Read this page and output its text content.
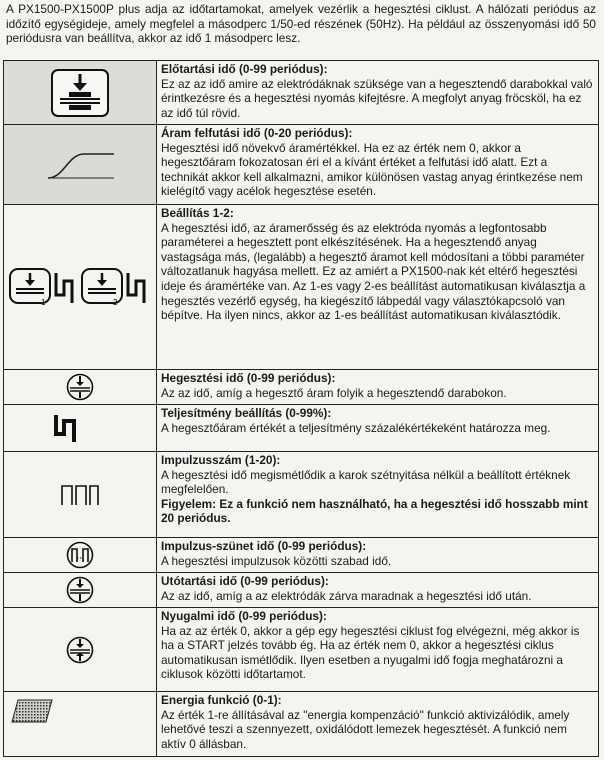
A PX1500-PX1500P plus adja az időtartamokat, amelyek vezérlik a hegesztési ciklust. A hálózati periódus az időzítő egységideje, amely megfelel a másodperc 1/50-ed részének (50Hz). Ha például az összenyomási idő 50 periódusra van beállítva, akkor az idő 1 másodperc lesz.

Előtartási idő (0-99 periódus):
Ez az az idő amire az elektródáknak szüksége van a hegesztendő darabokkal való érintkezésre és a hegesztési nyomás kifejtésre. A megfolyt anyag fröcsköl, ha ez az idő túl rövid.

Áram felfutási idő (0-20 periódus):
Hegesztési idő növekvő áramértékkel. Ha ez az érték nem 0, akkor a hegesztőáram fokozatosan éri el a kívánt értéket a felfutási idő alatt. Ezt a technikát akkor kell alkalmazni, amikor különösen vastag anyag érintkezése nem kielégítő vagy acélok hegesztése esetén.

1 2	Beállítás 1-2:
A hegesztési idő, az áramerősség és az elektróda nyomás a legfontosabb paraméterei a hegesztett pont elkészítésének. Ha a hegesztendő anyag vastagsága más, (legalább) a hegesztő áramot kell módosítani a többi paraméter változatlanuk hagyása mellett. Ez az amiért a PX1500-nak két eltérő hegesztési ideje és áramértéke van. Az 1-es vagy 2-es beállítást automatikusan kiválasztja a hegesztés vezérlő egység, ha kiegészítő lábpedál vagy választókapcsoló van bépítve. Ha ilyen nincs, akkor az 1-es beállítást automatikusan kiválasztódik.

Hegesztési idő (0-99 periódus):
Az az idő, amíg a hegesztő áram folyik a hegesztendő darabokon.

Teljesítmény beállítás (0-99%):
A hegesztőáram értékét a teljesítmény százalékértékeként határozza meg.

Impulzusszám (1-20):
A hegesztési idő megismétlődik a karok szétnyitása nélkül a beállított értéknek megfelelően.
Figyelem: Ez a funkció nem használható, ha a hegesztési idő hosszabb mint 20 periódus.

Impulzus-szünet idő (0-99 periódus):
A hegesztési impulzusok közötti szabad idő.

Utótartási idő (0-99 periódus):
Az az idő, amíg a az elektródák zárva maradnak a hegesztési idő után.

Nyugalmi idő (0-99 periódus):
Ha az az érték 0, akkor a gép egy hegesztési ciklust fog elvégezni, még akkor is ha a START jelzés tovább ég. Ha az érték nem 0, akkor a hegesztési ciklus automatikusan ismétlődik. Ilyen esetben a nyugalmi idő fogja meghatározni a ciklusok közötti időtartamot.

Energia funkció (0-1):
Az érték 1-re állításával az "energia kompenzáció" funkció aktivizálódik, amely lehetővé teszi a szennyezett, oxidálódott lemezek hegesztését. A funkció nem aktív 0 állásban.
